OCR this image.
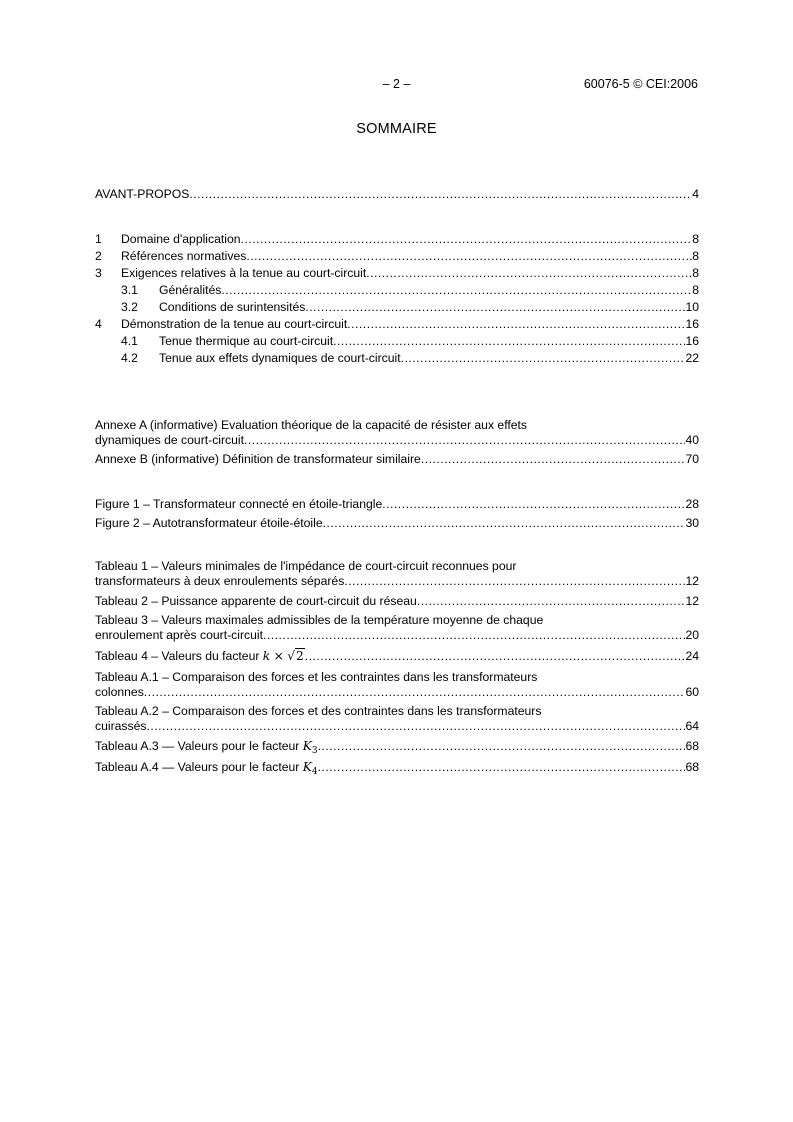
– 2 –	60076-5 © CEI:2006
SOMMAIRE
AVANT-PROPOS .....	4
1 Domaine d'application .....	8
2 Références normatives .....	8
3 Exigences relatives à la tenue au court-circuit .....	8
3.1 Généralités .....	8
3.2 Conditions de surintensités .....	10
4 Démonstration de la tenue au court-circuit .....	16
4.1 Tenue thermique au court-circuit .....	16
4.2 Tenue aux effets dynamiques de court-circuit .....	22
Annexe A (informative) Evaluation théorique de la capacité de résister aux effets
dynamiques de court-circuit .....	40
Annexe B (informative) Définition de transformateur similaire .....	70
Figure 1 – Transformateur connecté en étoile-triangle .....	28
Figure 2 – Autotransformateur étoile-étoile .....	30
Tableau 1 – Valeurs minimales de l'impédance de court-circuit reconnues pour
transformateurs à deux enroulements séparés .....	12
Tableau 2 – Puissance apparente de court-circuit du réseau .....	12
Tableau 3 – Valeurs maximales admissibles de la température moyenne de chaque
enroulement après court-circuit .....	20
Tableau 4 – Valeurs du facteur k × √2 .....	24
Tableau A.1 – Comparaison des forces et les contraintes dans les transformateurs
colonnes .....	60
Tableau A.2 – Comparaison des forces et des contraintes dans les transformateurs
cuirassés .....	64
Tableau A.3 — Valeurs pour le facteur $K_3$ .....	68
Tableau A.4 — Valeurs pour le facteur $K_4$ .....	68
